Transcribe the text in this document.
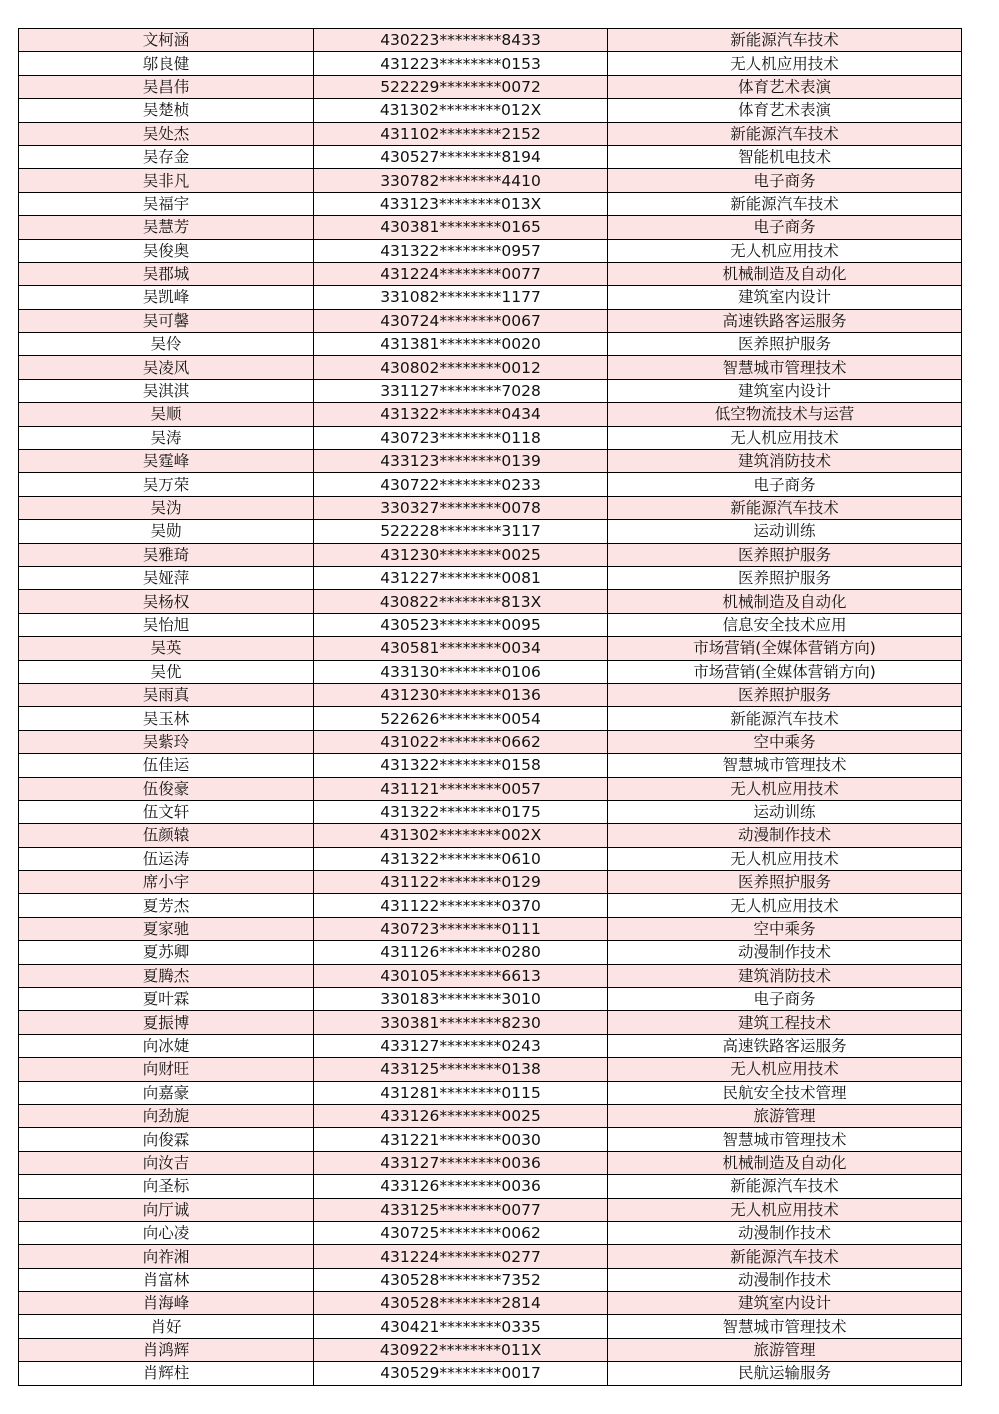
文柯涵	430223********8433	新能源汽车技术
邬良健	431223********0153	无人机应用技术
吴昌伟	522229********0072	体育艺术表演
吴楚桢	431302********012X	体育艺术表演
吴处杰	431102********2152	新能源汽车技术
吴存金	430527********8194	智能机电技术
吴非凡	330782********4410	电子商务
吴福宇	433123********013X	新能源汽车技术
吴慧芳	430381********0165	电子商务
吴俊奥	431322********0957	无人机应用技术
吴郡城	431224********0077	机械制造及自动化
吴凯峰	331082********1177	建筑室内设计
吴可馨	430724********0067	高速铁路客运服务
吴伶	431381********0020	医养照护服务
吴凌风	430802********0012	智慧城市管理技术
吴淇淇	331127********7028	建筑室内设计
吴顺	431322********0434	低空物流技术与运营
吴涛	430723********0118	无人机应用技术
吴霆峰	433123********0139	建筑消防技术
吴万荣	430722********0233	电子商务
吴沩	330327********0078	新能源汽车技术
吴勋	522228********3117	运动训练
吴雅琦	431230********0025	医养照护服务
吴娅萍	431227********0081	医养照护服务
吴杨权	430822********813X	机械制造及自动化
吴怡旭	430523********0095	信息安全技术应用
吴英	430581********0034	市场营销(全媒体营销方向)
吴优	433130********0106	市场营销(全媒体营销方向)
吴雨真	431230********0136	医养照护服务
吴玉林	522626********0054	新能源汽车技术
吴紫玲	431022********0662	空中乘务
伍佳运	431322********0158	智慧城市管理技术
伍俊豪	431121********0057	无人机应用技术
伍文轩	431322********0175	运动训练
伍颜辕	431302********002X	动漫制作技术
伍运涛	431322********0610	无人机应用技术
席小宇	431122********0129	医养照护服务
夏芳杰	431122********0370	无人机应用技术
夏家驰	430723********0111	空中乘务
夏苏卿	431126********0280	动漫制作技术
夏腾杰	430105********6613	建筑消防技术
夏叶霖	330183********3010	电子商务
夏振博	330381********8230	建筑工程技术
向冰婕	433127********0243	高速铁路客运服务
向财旺	433125********0138	无人机应用技术
向嘉豪	431281********0115	民航安全技术管理
向劲旎	433126********0025	旅游管理
向俊霖	431221********0030	智慧城市管理技术
向汝吉	433127********0036	机械制造及自动化
向圣标	433126********0036	新能源汽车技术
向厅诚	433125********0077	无人机应用技术
向心凌	430725********0062	动漫制作技术
向祚湘	431224********0277	新能源汽车技术
肖富林	430528********7352	动漫制作技术
肖海峰	430528********2814	建筑室内设计
肖好	430421********0335	智慧城市管理技术
肖鸿辉	430922********011X	旅游管理
肖辉柱	430529********0017	民航运输服务
